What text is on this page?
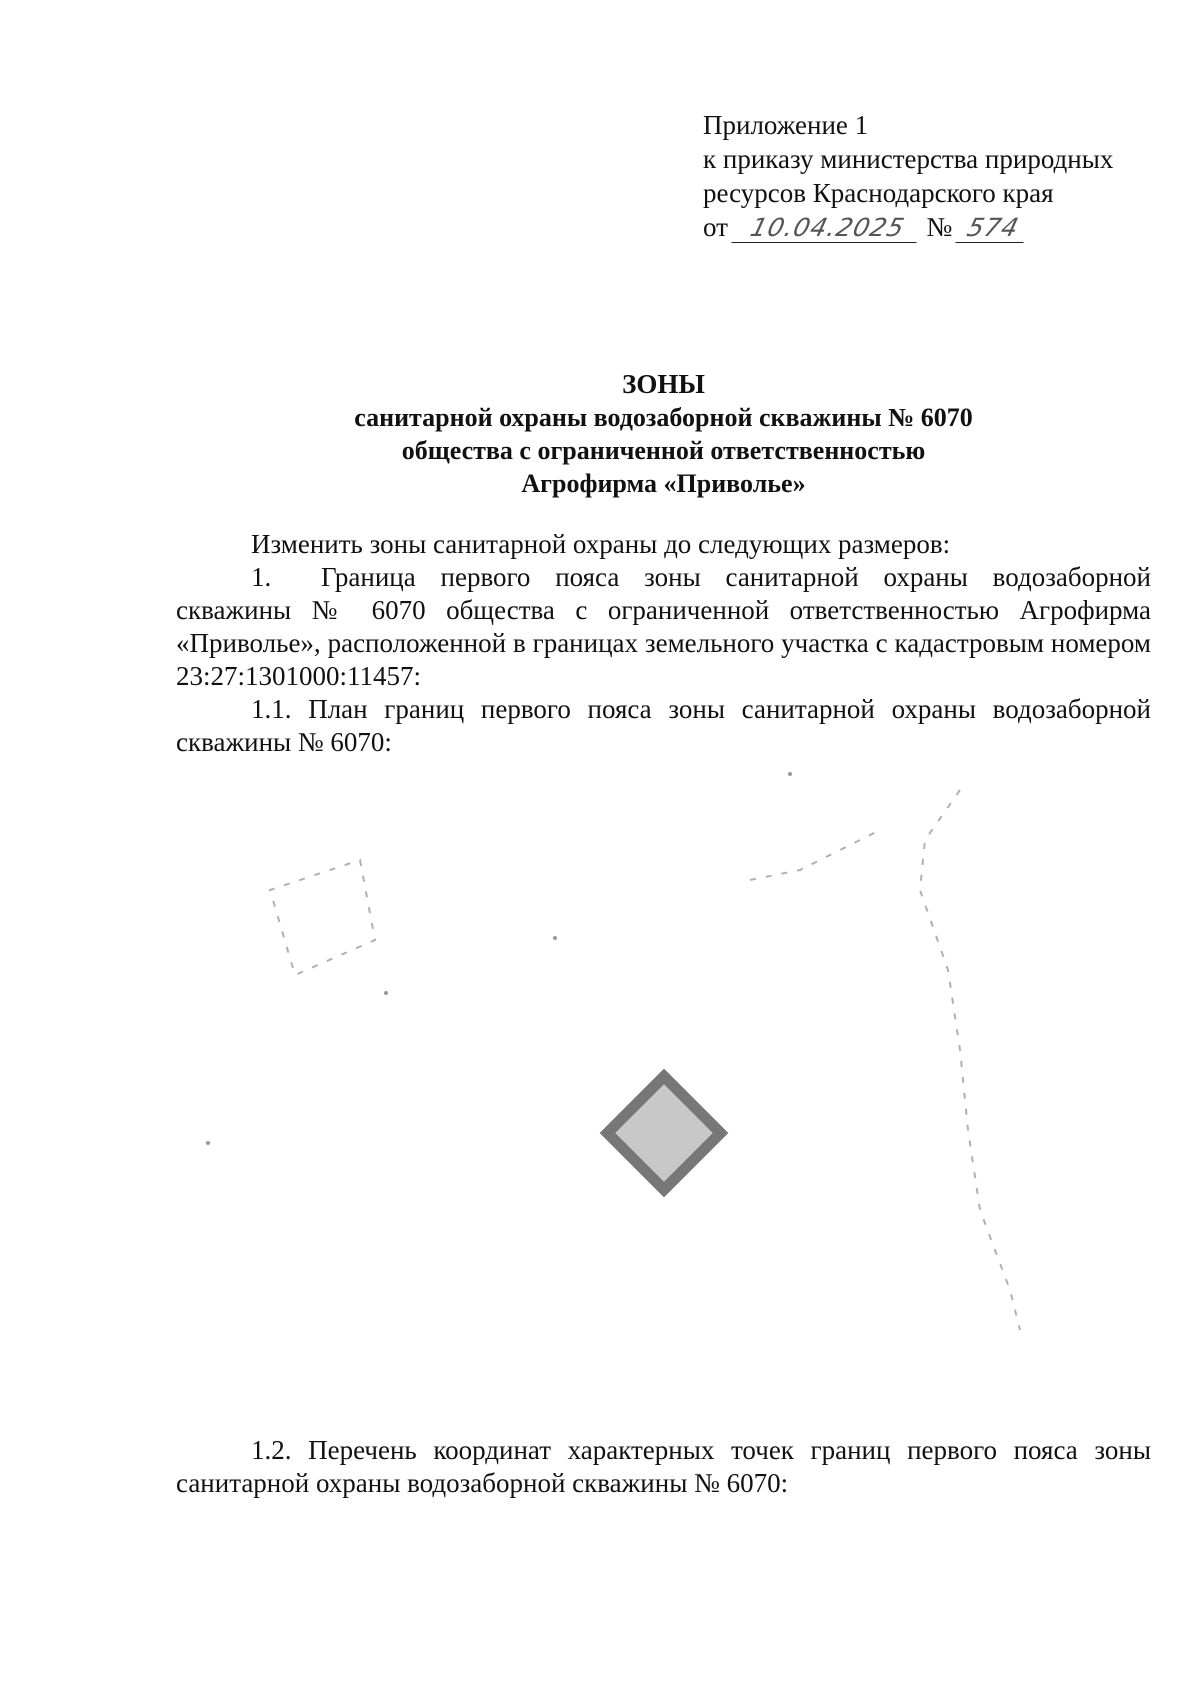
Приложение 1
к приказу министерства природных
ресурсов Краснодарского края
от 10.04.2025 № 574
ЗОНЫ
санитарной охраны водозаборной скважины № 6070
общества с ограниченной ответственностью
Агрофирма «Приволье»

Изменить зоны санитарной охраны до следующих размеров:

1. Граница первого пояса зоны санитарной охраны водозаборной скважины № 6070 общества с ограниченной ответственностью Агрофирма «Приволье», расположенной в границах земельного участка с кадастровым номером 23:27:1301000:11457:

1.1. План границ первого пояса зоны санитарной охраны водозаборной скважины № 6070:

1.2. Перечень координат характерных точек границ первого пояса зоны санитарной охраны водозаборной скважины № 6070:
